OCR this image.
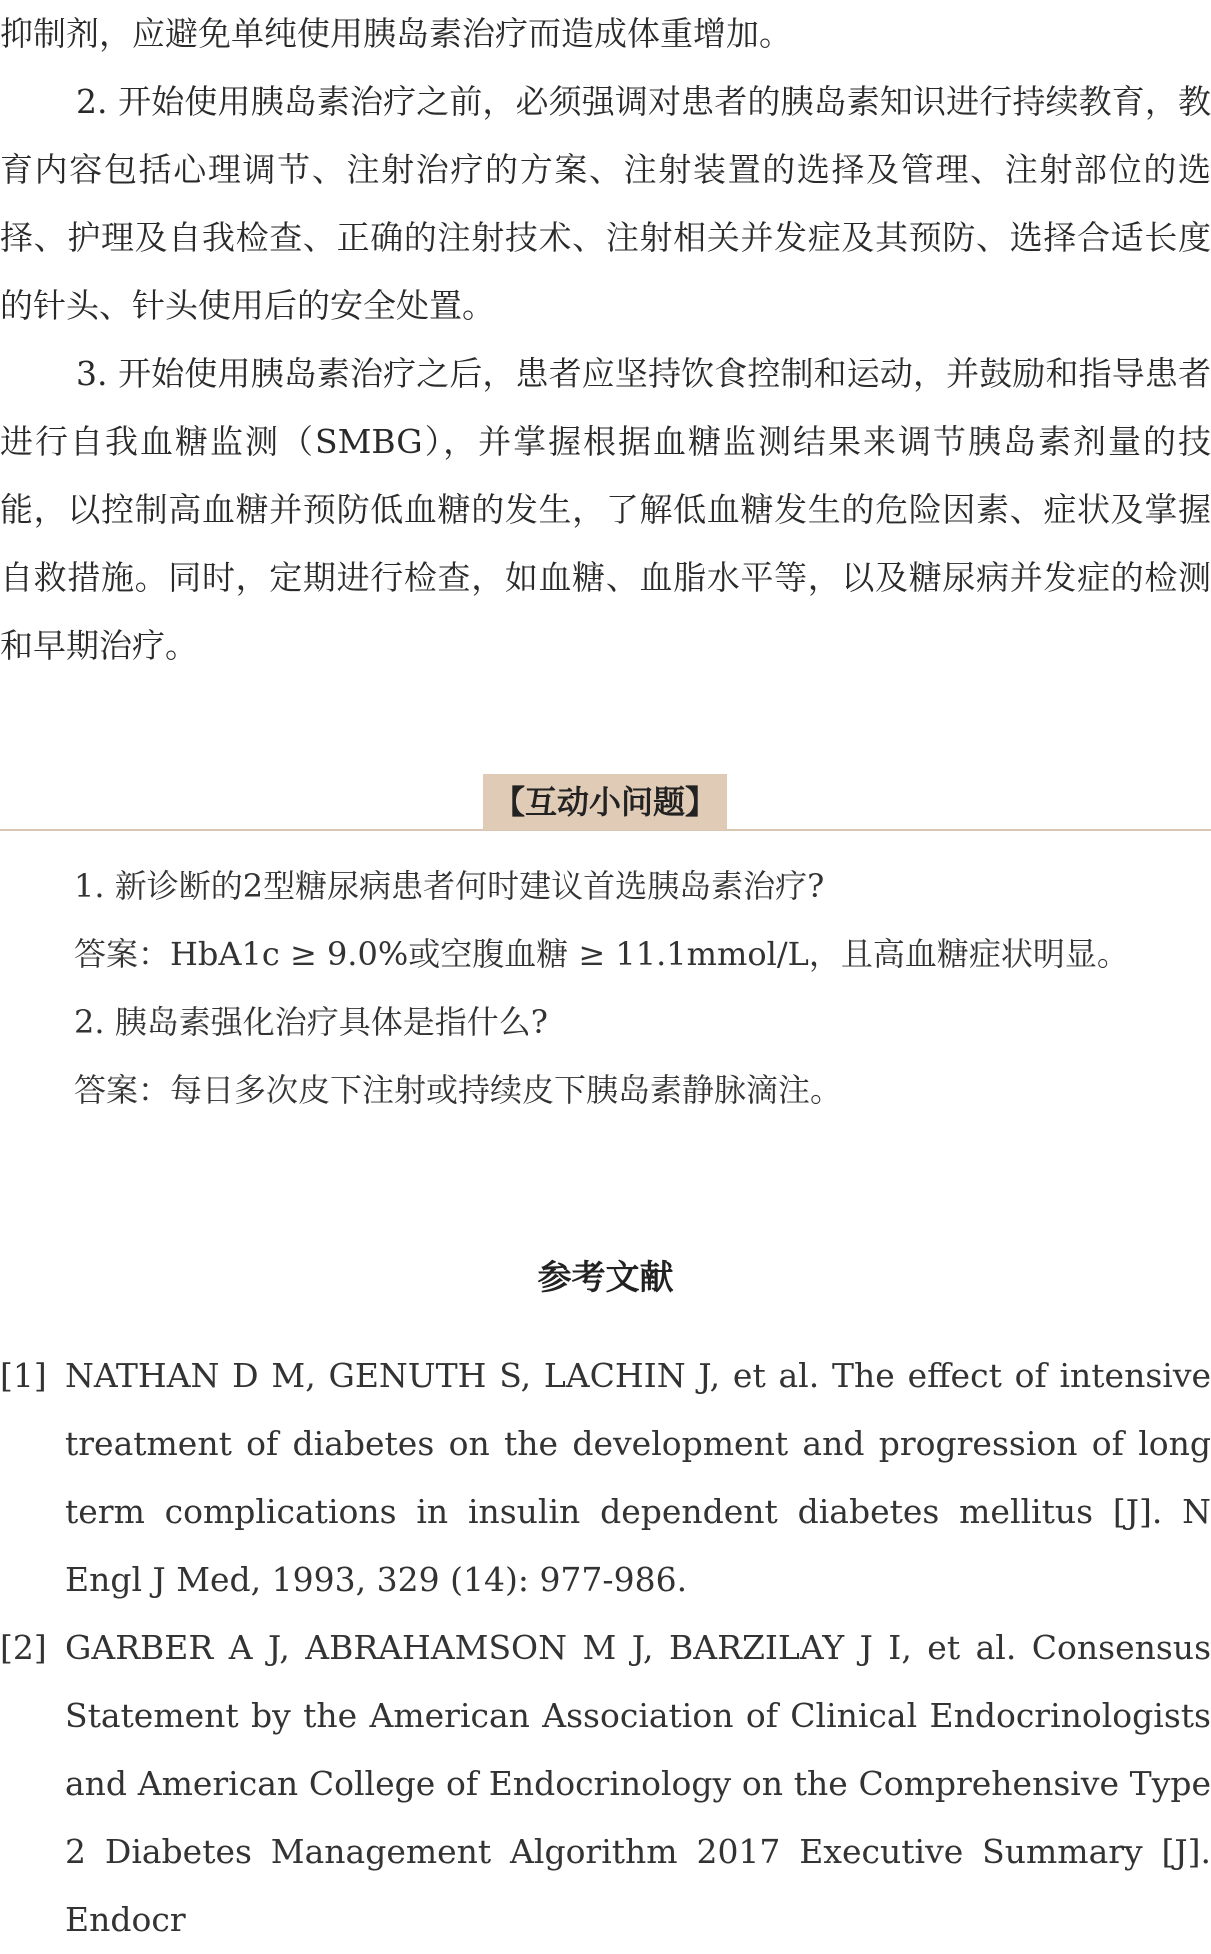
抑制剂，应避免单纯使用胰岛素治疗而造成体重增加。

2. 开始使用胰岛素治疗之前，必须强调对患者的胰岛素知识进行持续教育，教育内容包括心理调节、注射治疗的方案、注射装置的选择及管理、注射部位的选择、护理及自我检查、正确的注射技术、注射相关并发症及其预防、选择合适长度的针头、针头使用后的安全处置。

3. 开始使用胰岛素治疗之后，患者应坚持饮食控制和运动，并鼓励和指导患者进行自我血糖监测（SMBG），并掌握根据血糖监测结果来调节胰岛素剂量的技能，以控制高血糖并预防低血糖的发生，了解低血糖发生的危险因素、症状及掌握自救措施。同时，定期进行检查，如血糖、血脂水平等，以及糖尿病并发症的检测和早期治疗。

【互动小问题】
1. 新诊断的2型糖尿病患者何时建议首选胰岛素治疗?
答案：HbA1c ≥ 9.0%或空腹血糖 ≥ 11.1mmol/L，且高血糖症状明显。
2. 胰岛素强化治疗具体是指什么?
答案：每日多次皮下注射或持续皮下胰岛素静脉滴注。
参考文献
[1] NATHAN D M, GENUTH S, LACHIN J, et al. The effect of intensive treatment of diabetes on the development and progression of long term complications in insulin dependent diabetes mellitus [J]. N Engl J Med, 1993, 329 (14): 977-986.
[2] GARBER A J, ABRAHAMSON M J, BARZILAY J I, et al. Consensus Statement by the American Association of Clinical Endocrinologists and American College of Endocrinology on the Comprehensive Type 2 Diabetes Management Algorithm 2017 Executive Summary [J]. Endocr
